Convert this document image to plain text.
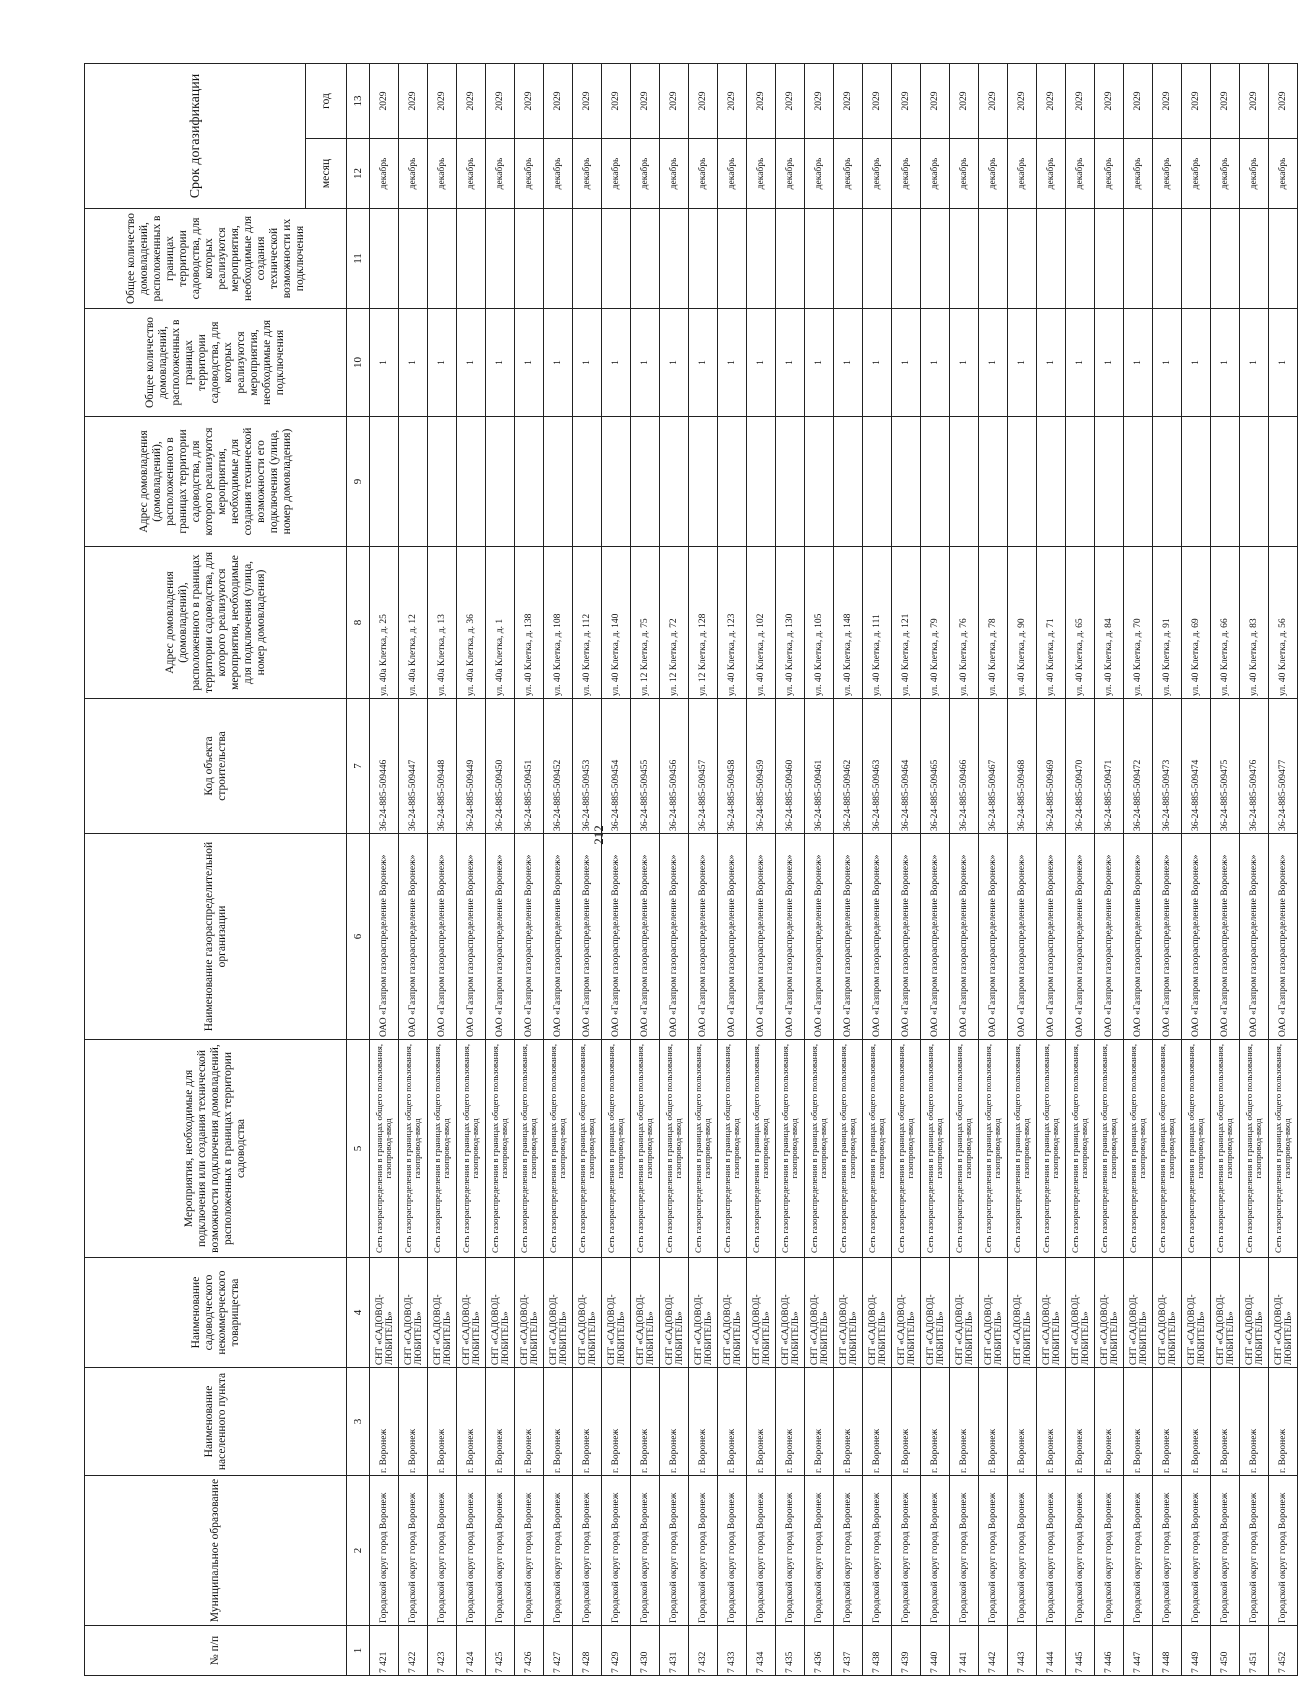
212
№ п/п	Муниципальное образование	Наименование населенного пункта	Наименование садоводческого некоммерческого товарищества	Мероприятия, необходимые для подключения или создания технической возможности подключения домовладений, расположенных в границах территории садоводства	Наименование газораспределительной организации	Код объекта строительства	Адрес домовладения (домовладений), расположенного в границах территории садоводства, для которого реализуются мероприятия, необходимые для подключения (улица, номер домовладения)	Адрес домовладения (домовладений), расположенного в границах территории садоводства, для которого реализуются мероприятия, необходимые для создания технической возможности его подключения (улица, номер домовладения)	Общее количество домовладений, расположенных в границах территории садоводства, для которых реализуются мероприятия, необходимые для подключения	Общее количество домовладений, расположенных в границах территории садоводства, для которых реализуются мероприятия, необходимые для создания технической возможности их подключения	Срок догазификации	
											месяц	год
1	2	3	4	5	6	7	8	9	10	11	12	13
7 421	Городской округ город Воронеж	г. Воронеж	СНТ «САДОВОД-ЛЮБИТЕЛЬ»	Сеть газораспределения в границах общего пользования, газопровод-ввод	ОАО «Газпром газораспределение Воронеж»	36-24-885-509446	ул. 40а Клетка, д. 25		1		декабрь	2029
7 422	Городской округ город Воронеж	г. Воронеж	СНТ «САДОВОД-ЛЮБИТЕЛЬ»	Сеть газораспределения в границах общего пользования, газопровод-ввод	ОАО «Газпром газораспределение Воронеж»	36-24-885-509447	ул. 40а Клетка, д. 12		1		декабрь	2029
7 423	Городской округ город Воронеж	г. Воронеж	СНТ «САДОВОД-ЛЮБИТЕЛЬ»	Сеть газораспределения в границах общего пользования, газопровод-ввод	ОАО «Газпром газораспределение Воронеж»	36-24-885-509448	ул. 40а Клетка, д. 13		1		декабрь	2029
7 424	Городской округ город Воронеж	г. Воронеж	СНТ «САДОВОД-ЛЮБИТЕЛЬ»	Сеть газораспределения в границах общего пользования, газопровод-ввод	ОАО «Газпром газораспределение Воронеж»	36-24-885-509449	ул. 40а Клетка, д. 36		1		декабрь	2029
7 425	Городской округ город Воронеж	г. Воронеж	СНТ «САДОВОД-ЛЮБИТЕЛЬ»	Сеть газораспределения в границах общего пользования, газопровод-ввод	ОАО «Газпром газораспределение Воронеж»	36-24-885-509450	ул. 40а Клетка, д. 1		1		декабрь	2029
7 426	Городской округ город Воронеж	г. Воронеж	СНТ «САДОВОД-ЛЮБИТЕЛЬ»	Сеть газораспределения в границах общего пользования, газопровод-ввод	ОАО «Газпром газораспределение Воронеж»	36-24-885-509451	ул. 40 Клетка, д. 138		1		декабрь	2029
7 427	Городской округ город Воронеж	г. Воронеж	СНТ «САДОВОД-ЛЮБИТЕЛЬ»	Сеть газораспределения в границах общего пользования, газопровод-ввод	ОАО «Газпром газораспределение Воронеж»	36-24-885-509452	ул. 40 Клетка, д. 108		1		декабрь	2029
7 428	Городской округ город Воронеж	г. Воронеж	СНТ «САДОВОД-ЛЮБИТЕЛЬ»	Сеть газораспределения в границах общего пользования, газопровод-ввод	ОАО «Газпром газораспределение Воронеж»	36-24-885-509453	ул. 40 Клетка, д. 112		1		декабрь	2029
7 429	Городской округ город Воронеж	г. Воронеж	СНТ «САДОВОД-ЛЮБИТЕЛЬ»	Сеть газораспределения в границах общего пользования, газопровод-ввод	ОАО «Газпром газораспределение Воронеж»	36-24-885-509454	ул. 40 Клетка, д. 140		1		декабрь	2029
7 430	Городской округ город Воронеж	г. Воронеж	СНТ «САДОВОД-ЛЮБИТЕЛЬ»	Сеть газораспределения в границах общего пользования, газопровод-ввод	ОАО «Газпром газораспределение Воронеж»	36-24-885-509455	ул. 12 Клетка, д. 75		1		декабрь	2029
7 431	Городской округ город Воронеж	г. Воронеж	СНТ «САДОВОД-ЛЮБИТЕЛЬ»	Сеть газораспределения в границах общего пользования, газопровод-ввод	ОАО «Газпром газораспределение Воронеж»	36-24-885-509456	ул. 12 Клетка, д. 72		1		декабрь	2029
7 432	Городской округ город Воронеж	г. Воронеж	СНТ «САДОВОД-ЛЮБИТЕЛЬ»	Сеть газораспределения в границах общего пользования, газопровод-ввод	ОАО «Газпром газораспределение Воронеж»	36-24-885-509457	ул. 12 Клетка, д. 128		1		декабрь	2029
7 433	Городской округ город Воронеж	г. Воронеж	СНТ «САДОВОД-ЛЮБИТЕЛЬ»	Сеть газораспределения в границах общего пользования, газопровод-ввод	ОАО «Газпром газораспределение Воронеж»	36-24-885-509458	ул. 40 Клетка, д. 123		1		декабрь	2029
7 434	Городской округ город Воронеж	г. Воронеж	СНТ «САДОВОД-ЛЮБИТЕЛЬ»	Сеть газораспределения в границах общего пользования, газопровод-ввод	ОАО «Газпром газораспределение Воронеж»	36-24-885-509459	ул. 40 Клетка, д. 102		1		декабрь	2029
7 435	Городской округ город Воронеж	г. Воронеж	СНТ «САДОВОД-ЛЮБИТЕЛЬ»	Сеть газораспределения в границах общего пользования, газопровод-ввод	ОАО «Газпром газораспределение Воронеж»	36-24-885-509460	ул. 40 Клетка, д. 130		1		декабрь	2029
7 436	Городской округ город Воронеж	г. Воронеж	СНТ «САДОВОД-ЛЮБИТЕЛЬ»	Сеть газораспределения в границах общего пользования, газопровод-ввод	ОАО «Газпром газораспределение Воронеж»	36-24-885-509461	ул. 40 Клетка, д. 105		1		декабрь	2029
7 437	Городской округ город Воронеж	г. Воронеж	СНТ «САДОВОД-ЛЮБИТЕЛЬ»	Сеть газораспределения в границах общего пользования, газопровод-ввод	ОАО «Газпром газораспределение Воронеж»	36-24-885-509462	ул. 40 Клетка, д. 148		1		декабрь	2029
7 438	Городской округ город Воронеж	г. Воронеж	СНТ «САДОВОД-ЛЮБИТЕЛЬ»	Сеть газораспределения в границах общего пользования, газопровод-ввод	ОАО «Газпром газораспределение Воронеж»	36-24-885-509463	ул. 40 Клетка, д. 111		1		декабрь	2029
7 439	Городской округ город Воронеж	г. Воронеж	СНТ «САДОВОД-ЛЮБИТЕЛЬ»	Сеть газораспределения в границах общего пользования, газопровод-ввод	ОАО «Газпром газораспределение Воронеж»	36-24-885-509464	ул. 40 Клетка, д. 121		1		декабрь	2029
7 440	Городской округ город Воронеж	г. Воронеж	СНТ «САДОВОД-ЛЮБИТЕЛЬ»	Сеть газораспределения в границах общего пользования, газопровод-ввод	ОАО «Газпром газораспределение Воронеж»	36-24-885-509465	ул. 40 Клетка, д. 79		1		декабрь	2029
7 441	Городской округ город Воронеж	г. Воронеж	СНТ «САДОВОД-ЛЮБИТЕЛЬ»	Сеть газораспределения в границах общего пользования, газопровод-ввод	ОАО «Газпром газораспределение Воронеж»	36-24-885-509466	ул. 40 Клетка, д. 76		1		декабрь	2029
7 442	Городской округ город Воронеж	г. Воронеж	СНТ «САДОВОД-ЛЮБИТЕЛЬ»	Сеть газораспределения в границах общего пользования, газопровод-ввод	ОАО «Газпром газораспределение Воронеж»	36-24-885-509467	ул. 40 Клетка, д. 78		1		декабрь	2029
7 443	Городской округ город Воронеж	г. Воронеж	СНТ «САДОВОД-ЛЮБИТЕЛЬ»	Сеть газораспределения в границах общего пользования, газопровод-ввод	ОАО «Газпром газораспределение Воронеж»	36-24-885-509468	ул. 40 Клетка, д. 90		1		декабрь	2029
7 444	Городской округ город Воронеж	г. Воронеж	СНТ «САДОВОД-ЛЮБИТЕЛЬ»	Сеть газораспределения в границах общего пользования, газопровод-ввод	ОАО «Газпром газораспределение Воронеж»	36-24-885-509469	ул. 40 Клетка, д. 71		1		декабрь	2029
7 445	Городской округ город Воронеж	г. Воронеж	СНТ «САДОВОД-ЛЮБИТЕЛЬ»	Сеть газораспределения в границах общего пользования, газопровод-ввод	ОАО «Газпром газораспределение Воронеж»	36-24-885-509470	ул. 40 Клетка, д. 65		1		декабрь	2029
7 446	Городской округ город Воронеж	г. Воронеж	СНТ «САДОВОД-ЛЮБИТЕЛЬ»	Сеть газораспределения в границах общего пользования, газопровод-ввод	ОАО «Газпром газораспределение Воронеж»	36-24-885-509471	ул. 40 Клетка, д. 84		1		декабрь	2029
7 447	Городской округ город Воронеж	г. Воронеж	СНТ «САДОВОД-ЛЮБИТЕЛЬ»	Сеть газораспределения в границах общего пользования, газопровод-ввод	ОАО «Газпром газораспределение Воронеж»	36-24-885-509472	ул. 40 Клетка, д. 70		1		декабрь	2029
7 448	Городской округ город Воронеж	г. Воронеж	СНТ «САДОВОД-ЛЮБИТЕЛЬ»	Сеть газораспределения в границах общего пользования, газопровод-ввод	ОАО «Газпром газораспределение Воронеж»	36-24-885-509473	ул. 40 Клетка, д. 91		1		декабрь	2029
7 449	Городской округ город Воронеж	г. Воронеж	СНТ «САДОВОД-ЛЮБИТЕЛЬ»	Сеть газораспределения в границах общего пользования, газопровод-ввод	ОАО «Газпром газораспределение Воронеж»	36-24-885-509474	ул. 40 Клетка, д. 69		1		декабрь	2029
7 450	Городской округ город Воронеж	г. Воронеж	СНТ «САДОВОД-ЛЮБИТЕЛЬ»	Сеть газораспределения в границах общего пользования, газопровод-ввод	ОАО «Газпром газораспределение Воронеж»	36-24-885-509475	ул. 40 Клетка, д. 66		1		декабрь	2029
7 451	Городской округ город Воронеж	г. Воронеж	СНТ «САДОВОД-ЛЮБИТЕЛЬ»	Сеть газораспределения в границах общего пользования, газопровод-ввод	ОАО «Газпром газораспределение Воронеж»	36-24-885-509476	ул. 40 Клетка, д. 83		1		декабрь	2029
7 452	Городской округ город Воронеж	г. Воронеж	СНТ «САДОВОД-ЛЮБИТЕЛЬ»	Сеть газораспределения в границах общего пользования, газопровод-ввод	ОАО «Газпром газораспределение Воронеж»	36-24-885-509477	ул. 40 Клетка, д. 56		1		декабрь	2029
